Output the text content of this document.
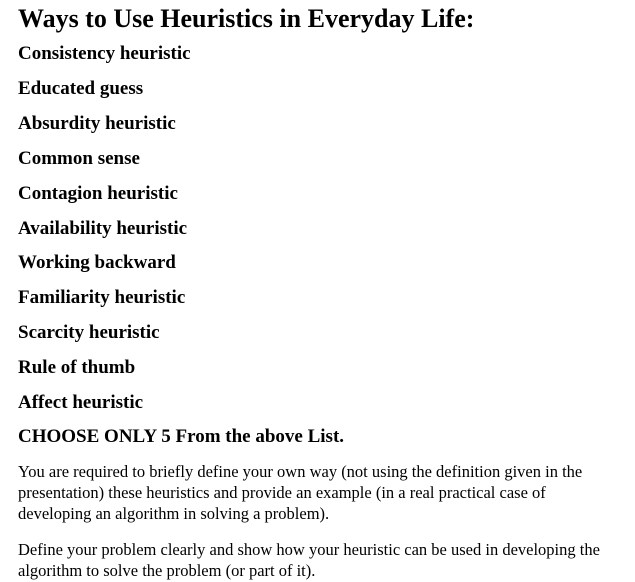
Ways to Use Heuristics in Everyday Life:
Consistency heuristic
Educated guess
Absurdity heuristic
Common sense
Contagion heuristic
Availability heuristic
Working backward
Familiarity heuristic
Scarcity heuristic
Rule of thumb
Affect heuristic
CHOOSE ONLY 5 From the above List.

You are required to briefly define your own way (not using the definition given in the presentation) these heuristics and provide an example (in a real practical case of developing an algorithm in solving a problem).

Define your problem clearly and show how your heuristic can be used in developing the algorithm to solve the problem (or part of it).
